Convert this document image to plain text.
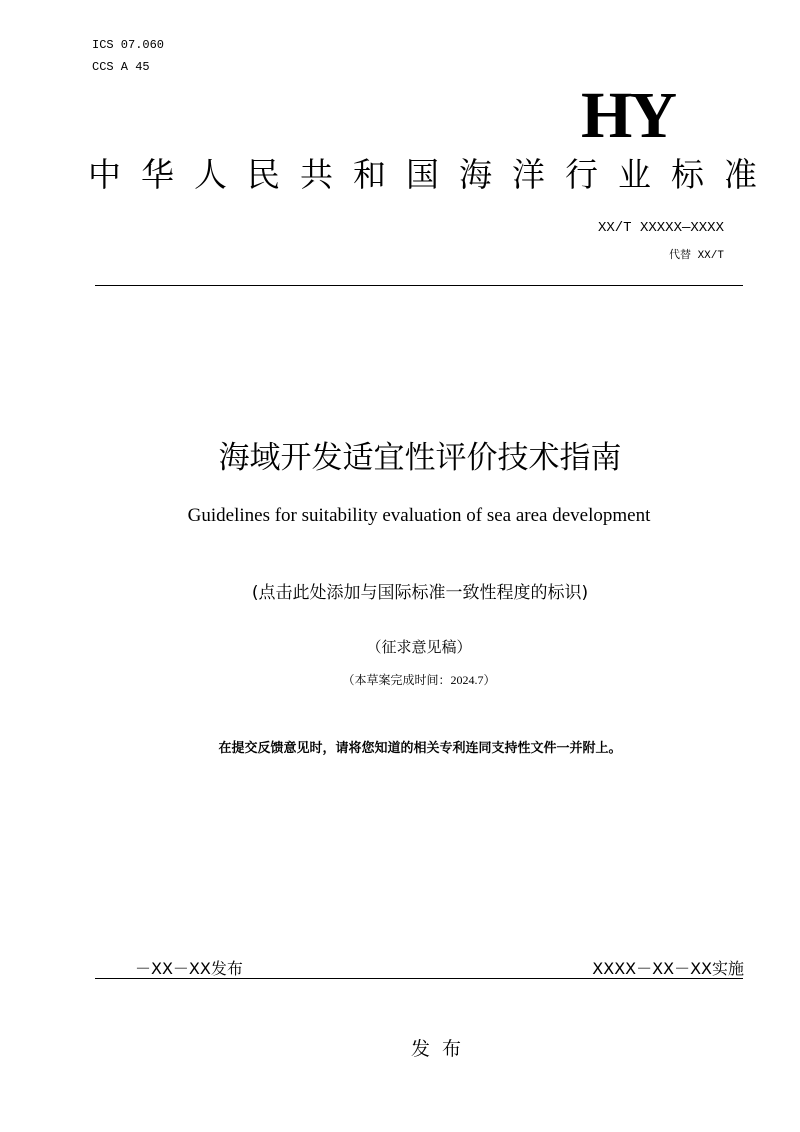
ICS 07.060
CCS A 45
HY
中华人民共和国海洋行业标准
XX/T XXXXX—XXXX
代替 XX/T
海域开发适宜性评价技术指南
Guidelines for suitability evaluation of sea area development
(点击此处添加与国际标准一致性程度的标识)
（征求意见稿）
（本草案完成时间：2024.7）
在提交反馈意见时，请将您知道的相关专利连同支持性文件一并附上。
－XX－XX发布	XXXX－XX－XX实施
发布
